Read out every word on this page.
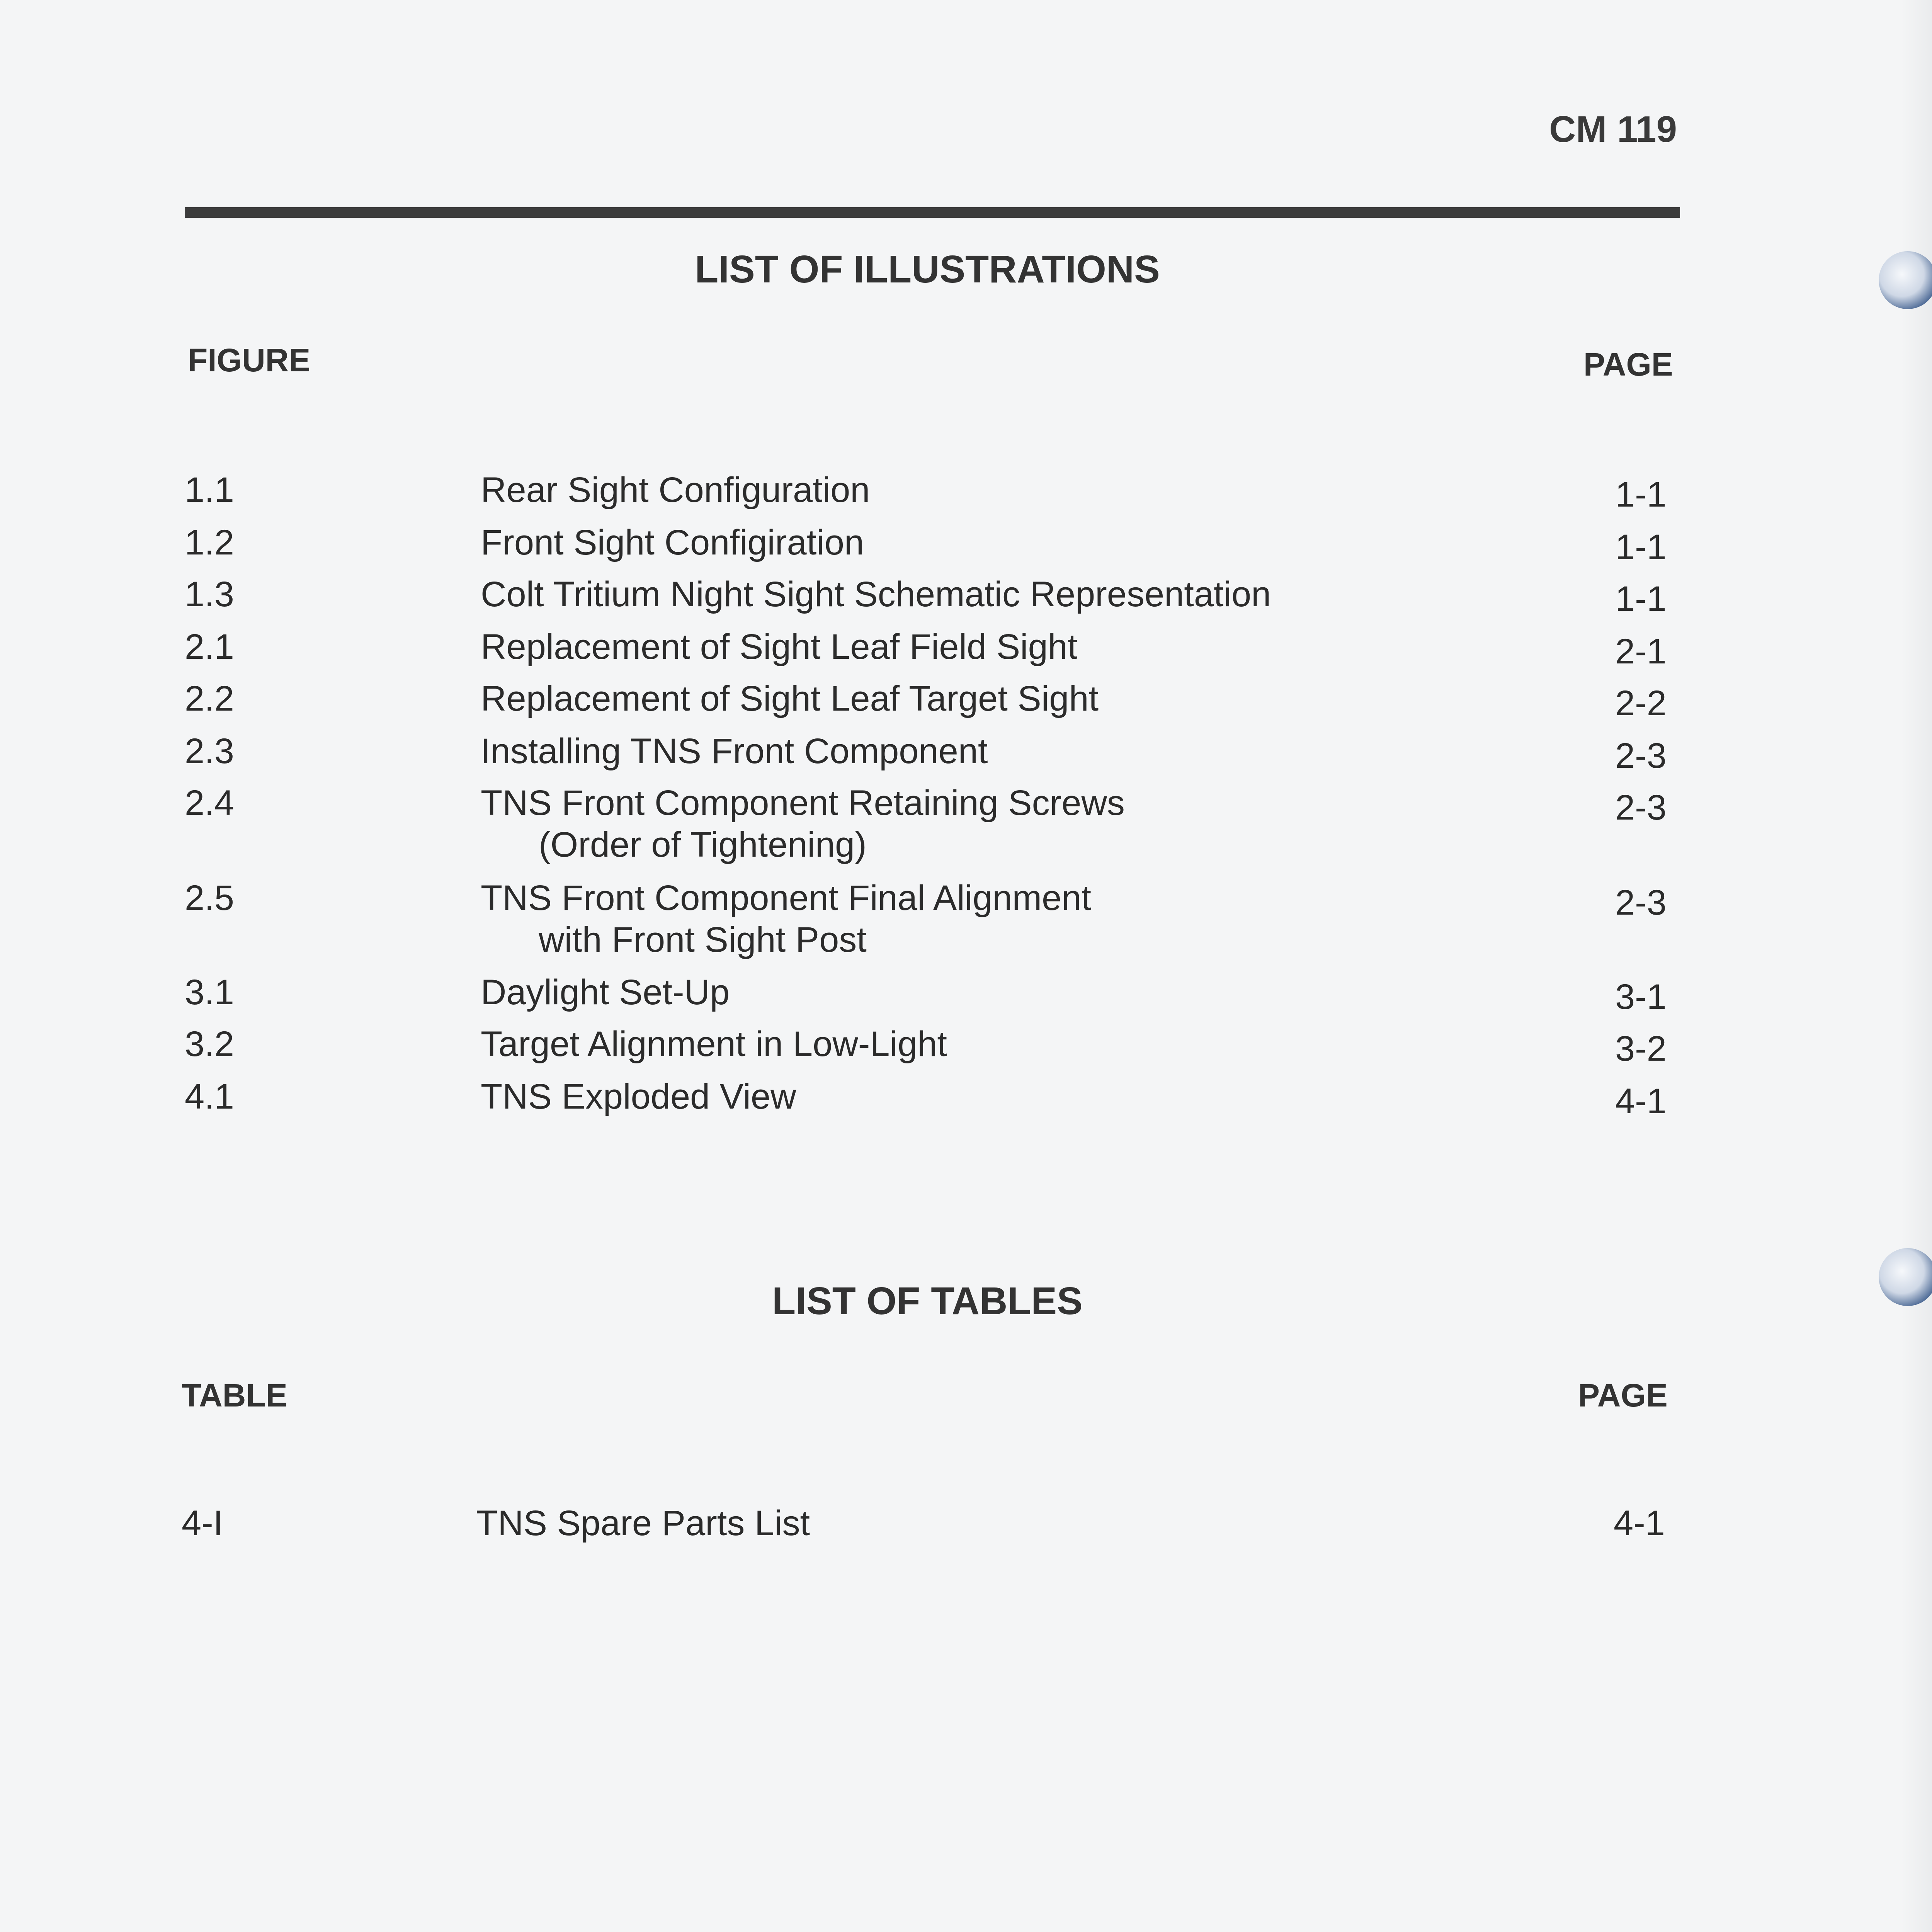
CM 119
LIST OF ILLUSTRATIONS
FIGURE	PAGE
1.1	Rear Sight Configuration	1-1
1.2	Front Sight Configiration	1-1
1.3	Colt Tritium Night Sight Schematic Representation	1-1
2.1	Replacement of Sight Leaf Field Sight	2-1
2.2	Replacement of Sight Leaf Target Sight	2-2
2.3	Installing TNS Front Component	2-3
2.4	TNS Front Component Retaining Screws
(Order of Tightening)
2-3
2.5	TNS Front Component Final Alignment
with Front Sight Post
2-3
3.1	Daylight Set-Up	3-1
3.2	Target Alignment in Low-Light	3-2
4.1	TNS Exploded View	4-1
LIST OF TABLES
TABLE	PAGE
4-I	TNS Spare Parts List	4-1
